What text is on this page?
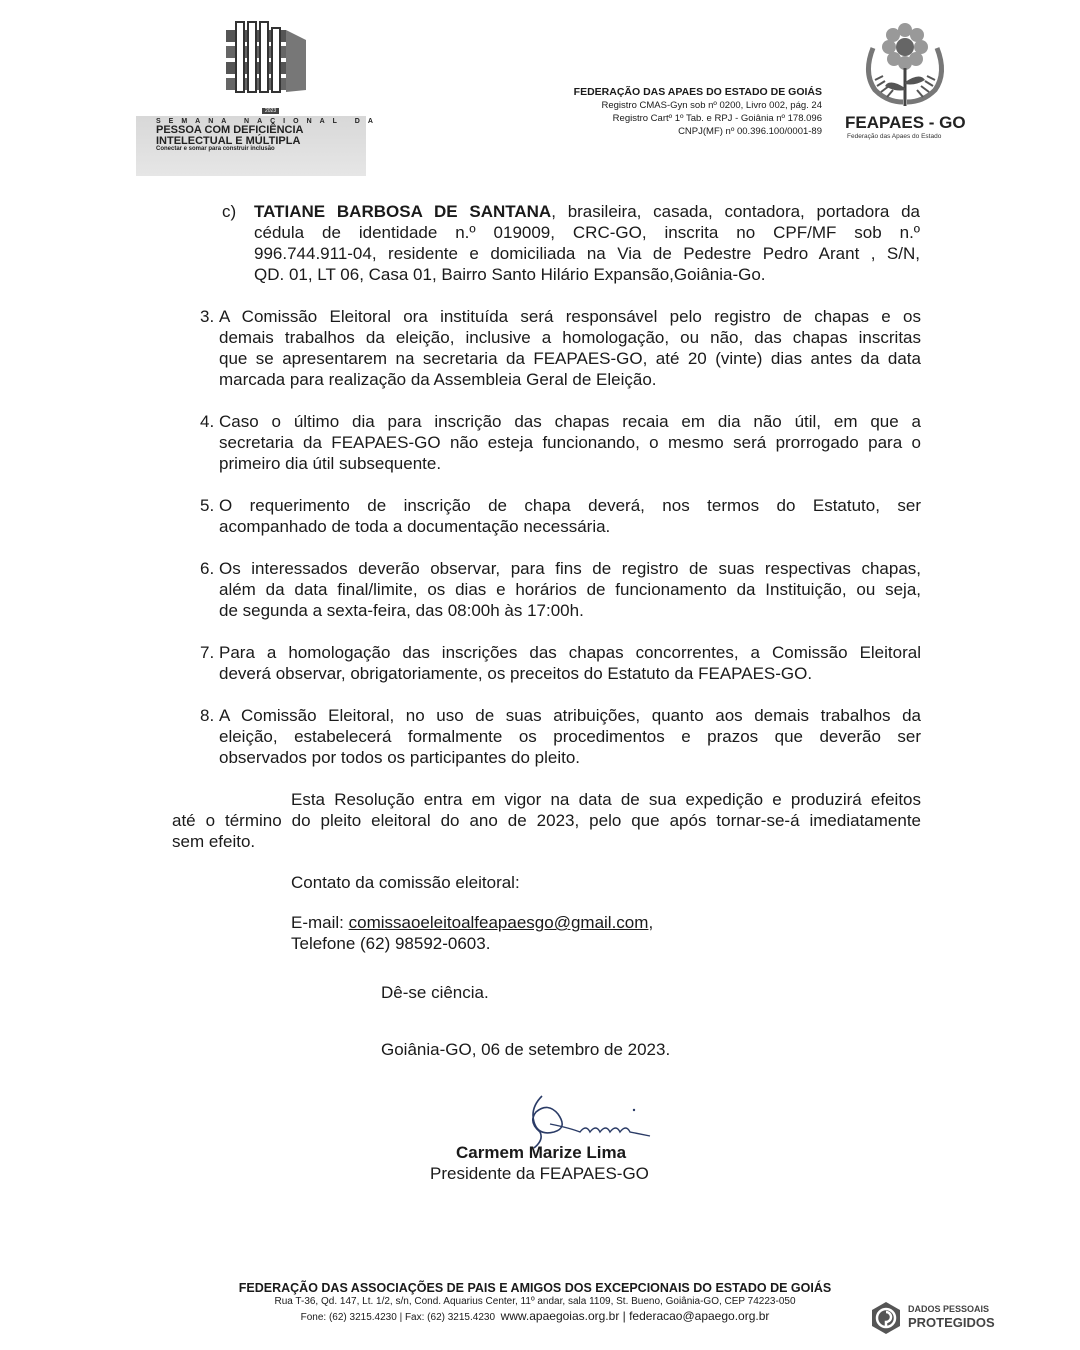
2023
SEMANA NACIONAL DA
PESSOA COM DEFICIÊNCIA
INTELECTUAL E MÚLTIPLA
Conectar e somar para construir inclusão
FEDERAÇÃO DAS APAES DO ESTADO DE GOIÁS
Registro CMAS-Gyn sob nº 0200, Livro 002, pág. 24
Registro Cartº 1º Tab. e RPJ - Goiânia nº 178.096
CNPJ(MF) nº 00.396.100/0001-89 FEAPAES - GO
Federação das Apaes do Estado
c) TATIANE BARBOSA DE SANTANA, brasileira, casada, contadora, portadora da
cédula de identidade n.º 019009, CRC-GO, inscrita no CPF/MF sob n.º
996.744.911-04, residente e domiciliada na Via de Pedestre Pedro Arant , S/N,
QD. 01, LT 06, Casa 01, Bairro Santo Hilário Expansão,Goiânia-Go.
3. A Comissão Eleitoral ora instituída será responsável pelo registro de chapas e os
demais trabalhos da eleição, inclusive a homologação, ou não, das chapas inscritas
que se apresentarem na secretaria da FEAPAES-GO, até 20 (vinte) dias antes da data
marcada para realização da Assembleia Geral de Eleição.
4. Caso o último dia para inscrição das chapas recaia em dia não útil, em que a
secretaria da FEAPAES-GO não esteja funcionando, o mesmo será prorrogado para o
primeiro dia útil subsequente.
5. O requerimento de inscrição de chapa deverá, nos termos do Estatuto, ser
acompanhado de toda a documentação necessária.
6. Os interessados deverão observar, para fins de registro de suas respectivas chapas,
além da data final/limite, os dias e horários de funcionamento da Instituição, ou seja,
de segunda a sexta-feira, das 08:00h às 17:00h.
7. Para a homologação das inscrições das chapas concorrentes, a Comissão Eleitoral
deverá observar, obrigatoriamente, os preceitos do Estatuto da FEAPAES-GO.
8. A Comissão Eleitoral, no uso de suas atribuições, quanto aos demais trabalhos da
eleição, estabelecerá formalmente os procedimentos e prazos que deverão ser
observados por todos os participantes do pleito.
Esta Resolução entra em vigor na data de sua expedição e produzirá efeitos
até o término do pleito eleitoral do ano de 2023, pelo que após tornar-se-á imediatamente
sem efeito.
Contato da comissão eleitoral:
E-mail: comissaoeleitoalfeapaesgo@gmail.com,
Telefone (62) 98592-0603.
Dê-se ciência.
Goiânia-GO, 06 de setembro de 2023.
Carmem Marize Lima
Presidente da FEAPAES-GO
FEDERAÇÃO DAS ASSOCIAÇÕES DE PAIS E AMIGOS DOS EXCEPCIONAIS DO ESTADO DE GOIÁS
Rua T-36, Qd. 147, Lt. 1/2, s/n, Cond. Aquarius Center, 11º andar, sala 1109, St. Bueno, Goiânia-GO, CEP 74223-050
Fone: (62) 3215.4230 | Fax: (62) 3215.4230 www.apaegoias.org.br | federacao@apaego.org.br	DADOS PESSOAIS
PROTEGIDOS
